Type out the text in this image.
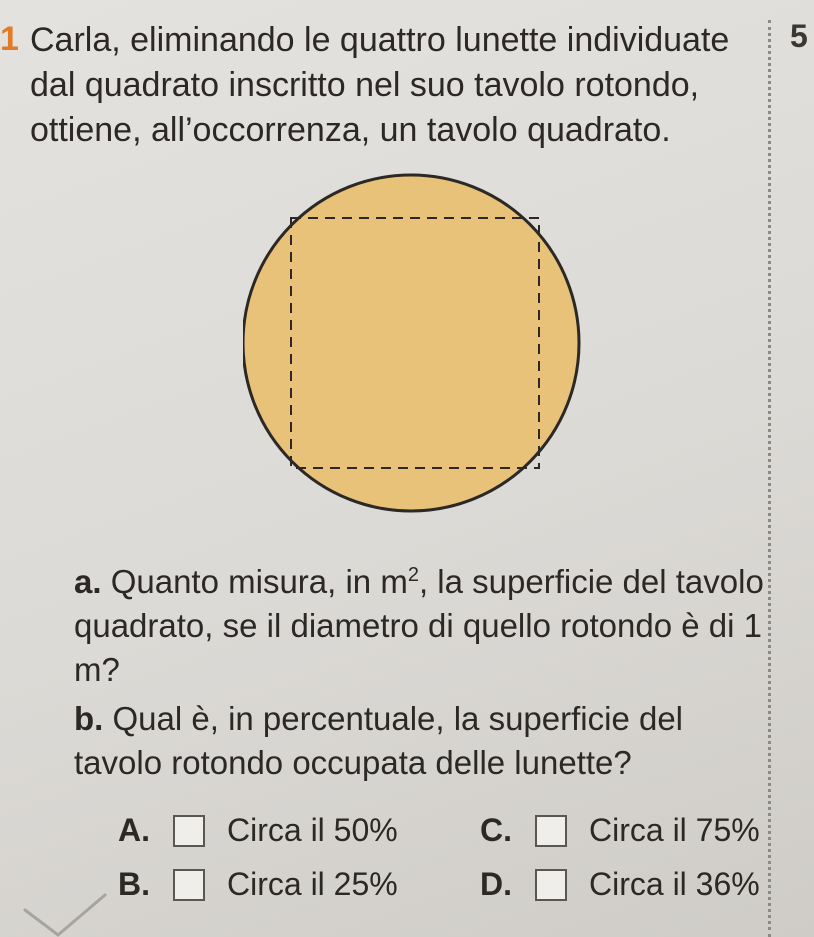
1 Carla, eliminando le quattro lunette individuate dal quadrato inscritto nel suo tavolo rotondo, ottiene, all’occorrenza, un tavolo quadrato.
5
a. Quanto misura, in $m^2$, la superficie del tavolo quadrato, se il diametro di quello rotondo è di 1 m?
b. Qual è, in percentuale, la superficie del tavolo rotondo occupata delle lunette?
A.	Circa il 50%
B.	Circa il 25%
C.	Circa il 75%
D.	Circa il 36%
